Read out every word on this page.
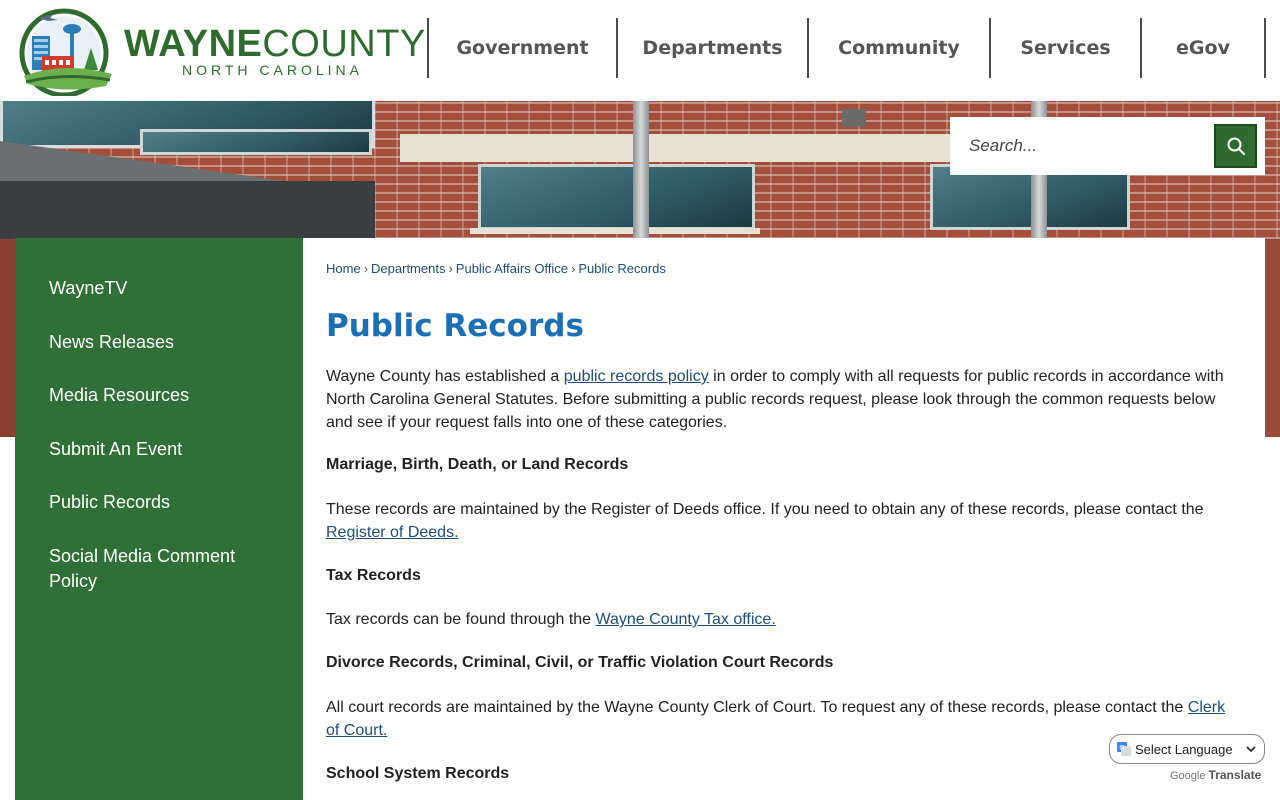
WAYNECOUNTY
NORTH CAROLINA
Government	Departments	Community	Services	eGov
Search...
WayneTV
News Releases
Media Resources
Submit An Event
Public Records
Social Media Comment Policy
Home › Departments › Public Affairs Office › Public Records
Public Records

Wayne County has established a public records policy in order to comply with all requests for public records in accordance with North Carolina General Statutes. Before submitting a public records request, please look through the common requests below and see if your request falls into one of these categories.

Marriage, Birth, Death, or Land Records

These records are maintained by the Register of Deeds office. If you need to obtain any of these records, please contact the Register of Deeds.

Tax Records

Tax records can be found through the Wayne County Tax office.

Divorce Records, Criminal, Civil, or Traffic Violation Court Records

All court records are maintained by the Wayne County Clerk of Court. To request any of these records, please contact the Clerk of Court.

School System Records
G Select Language
Google Translate
